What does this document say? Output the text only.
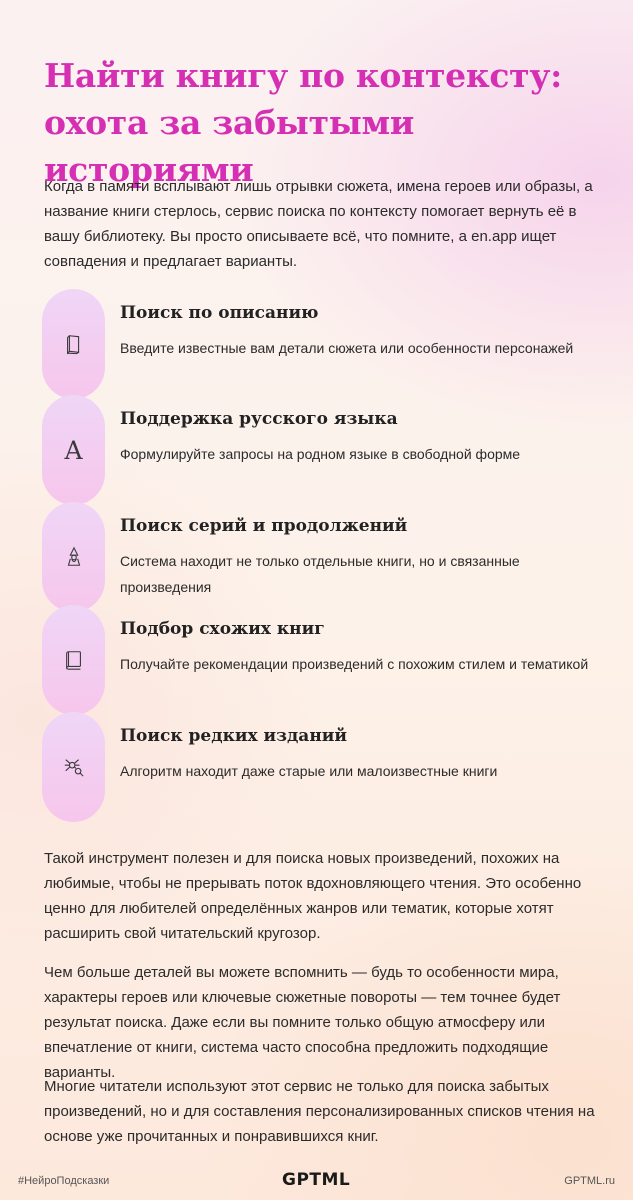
Найти книгу по контексту: охота за забытыми историями

Когда в памяти всплывают лишь отрывки сюжета, имена героев или образы, а название книги стерлось, сервис поиска по контексту помогает вернуть её в вашу библиотеку. Вы просто описываете всё, что помните, а en.app ищет совпадения и предлагает варианты.

Поиск по описанию

Введите известные вам детали сюжета или особенности персонажей

A
Поддержка русского языка

Формулируйте запросы на родном языке в свободной форме

Поиск серий и продолжений

Система находит не только отдельные книги, но и связанные произведения

Подбор схожих книг

Получайте рекомендации произведений с похожим стилем и тематикой

Поиск редких изданий

Алгоритм находит даже старые или малоизвестные книги

Такой инструмент полезен и для поиска новых произведений, похожих на любимые, чтобы не прерывать поток вдохновляющего чтения. Это особенно ценно для любителей определённых жанров или тематик, которые хотят расширить свой читательский кругозор.

Чем больше деталей вы можете вспомнить — будь то особенности мира, характеры героев или ключевые сюжетные повороты — тем точнее будет результат поиска. Даже если вы помните только общую атмосферу или впечатление от книги, система часто способна предложить подходящие варианты.

Многие читатели используют этот сервис не только для поиска забытых произведений, но и для составления персонализированных списков чтения на основе уже прочитанных и понравившихся книг.

#НейроПодсказки	GPTML	GPTML.ru
